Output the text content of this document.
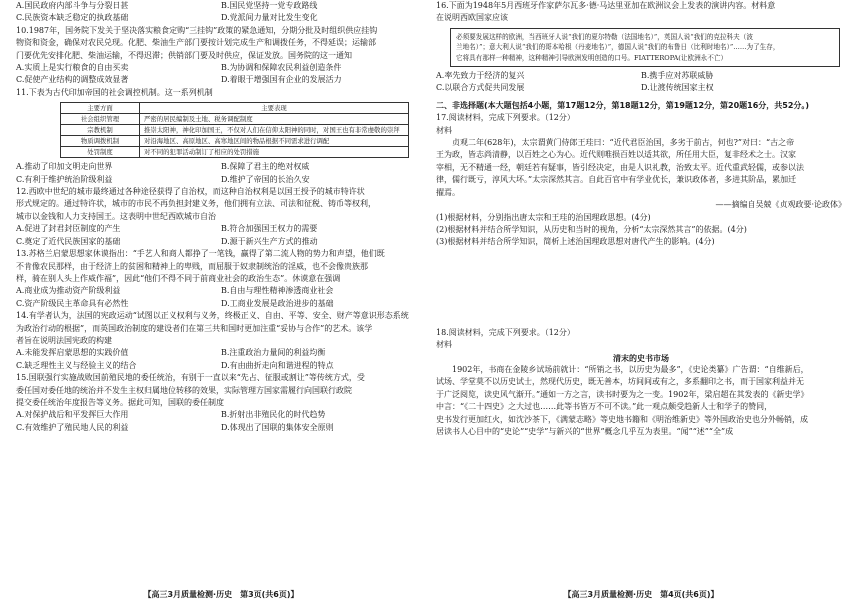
A.国民政府内部斗争与分裂日甚	B.国民党坚持一党专政路线
C.民族资本缺乏稳定的执政基础	D.党派间力量对比发生变化

10.1987年，国务院下发关于坚决落实粮食定购“三挂钩”政策的紧急通知，分期分批及时组织供应挂钩

物资和资金，确保对农民兑现。化肥、柴油生产部门要按计划完成生产和调拨任务，不得延误；运输部

门要优先安排化肥、柴油运输，不得迟滞；供销部门要及时供应，保证发放。国务院的这一通知

A.实质上是实行粮食的自由买卖	B.为协调和保障农民利益创造条件
C.促使产业结构的调整成效显著	D.着眼于增强国有企业的发展活力

11.下表为古代印加帝国的社会调控机制。这一系列机制

主要方面	主要表现
社会组织管理	严密的居民编制及土地、税务调配制度
宗教机制	推崇太阳神，神化印加国王，不仅对人们在信仰太阳神的同时，对国王也有非常虔敬的崇拜
物质调拨机制	对沿海地区、高原地区、高寒地区间的物品根据不同需求进行调配
处罚制度	对不同的犯罪活动制订了相应的处罚措施
A.推动了印加文明走向世界	B.保障了君主的绝对权威
C.有利于维护统治阶级利益	D.维护了帝国的长治久安

12.西欧中世纪的城市最终通过各种途径获得了自治权，而这种自治权利是以国王授予的城市特许状

形式规定的。通过特许状，城市的市民不再负担封建义务，他们拥有立法、司法和征税、铸币等权利，

城市以金钱和人力支持国王。这表明中世纪西欧城市自治

A.促进了封君封臣制度的产生	B.符合加强国王权力的需要
C.奠定了近代民族国家的基础	D.源于新兴生产方式的推动

13.苏格兰启蒙思想家休谟指出：“手艺人和商人都挣了一笔钱，赢得了第二流人物的势力和声望，他们既

不肯像农民那样，由于经济上的贫困和精神上的卑贱，而屈服于奴隶制统治的淫威，也不会像贵族那

样，骑在别人头上作威作福”，因此“他们不得不同于前商业社会的政治生态”。休谟意在强调

A.商业成为推动资产阶级利益	B.自由与理性精神渗透商业社会
C.资产阶级民主革命具有必然性	D.工商业发展是政治进步的基础

14.有学者认为，法国的宪政运动“试图以正义权利与义务，终极正义、自由、平等、安全、财产等意识形态系统

为政治行动的根据”，而英国政治制度的建设者们在第三共和国时更加注重“妥协与合作”的艺术。该学

者旨在说明法国宪政的构建

A.未能发挥启蒙思想的实践价值	B.注重政治力量间的利益均衡
C.缺乏理性主义与经验主义的结合	D.有由曲折走向和谐进程的特点

15.国联强行实施战败国前殖民地的委任统治，有别于一直以来“先占、征服或割让”等传统方式，受

委任国对委任地的统治并不发生主权归属地位转移的效果，实际管理方国家需履行向国联行政院

提交委任统治年度报告等义务。据此可知，国联的委任制度

A.对保护战后和平发挥巨大作用	B.折射出非殖民化的时代趋势
C.有效维护了殖民地人民的利益	D.体现出了国联的集体安全原则
【高三3月质量检测·历史　第3页(共6页)】

16.下面为1948年5月西班牙作家萨尔瓦多·德·马达里亚加在欧洲议会上发表的演讲内容。材料意

在说明西欧国家应该

必须要发展这样的欧洲，当西班牙人说“我们的夏尔特勒（法国地名）”，英国人说“我们的克拉科夫（波
兰地名）”；意大利人说“我们的哥本哈根（丹麦地名）”，德国人说“我们的布鲁日（比利时地名）”……为了生存，
它将具有那样一种精神，这种精神引导欧洲发明创造的口号。FIATTEROPA(让欧洲永不亡）
A.率先致力于经济的复兴	B.携手应对苏联威胁
C.以联合方式促共同发展	D.让渡传统国家主权

二、非选择题(本大题包括4小题，第17题12分，第18题12分，第19题12分，第20题16分，共52分。)

17.阅读材料，完成下列要求。（12分）

材料

贞观二年(628年)，太宗谓黄门侍郎王珪曰：“近代君臣治国，多劣于前古，何也?”对曰：“古之帝

王为政，皆志尚清静，以百姓之心为心。近代则唯损百姓以适其欲，所任用大臣，复非经术之士。汉家

宰相，无不精通一经，朝廷若有疑事，皆引经决定，由是人识礼教，治致太平。近代重武轻儒，或参以法

律，儒行既亏，淳风大坏。”太宗深然其言。自此百官中有学业优长，兼识政体者，多进其阶品，累加迁

擢焉。

——摘编自吴兢《贞观政要·论政体》

(1)根据材料，分别指出唐太宗和王珪的治国理政思想。(4分)

(2)根据材料并结合所学知识，从历史和当时的视角，分析“太宗深然其言”的依据。(4分)

(3)根据材料并结合所学知识，简析上述治国理政思想对唐代产生的影响。(4分)

18.阅读材料，完成下列要求。（12分）

材料

清末的史书市场

1902年，书商在金陵乡试场前就计：“所销之书，以历史为最多”，《史论类纂》广告谓：“自维新后，

试场、学堂莫不以历史试士，然现代历史，既无善本，坊间间或有之，多系翻印之书，而于国家利益并无

于广泛阅览，读史风气渐开。”通如一方之言，读书时要为之一变。1902年，梁启超在其发表的《新史学》

中言：“《二十四史》之大过也……此等书皆万不可不读。”此一观点颇受趋新人士和学子的赞同，

史书发行更加红火，如沈沙茶下，《满蒙志略》等史地书籍和《明治维新史》等外国政治史也分外畅销，成

居读书人心目中的“史论”“史学”与新兴的“世界”概念几乎互为表里。“闻”“述”“全”成

【高三3月质量检测·历史　第4页(共6页)】
